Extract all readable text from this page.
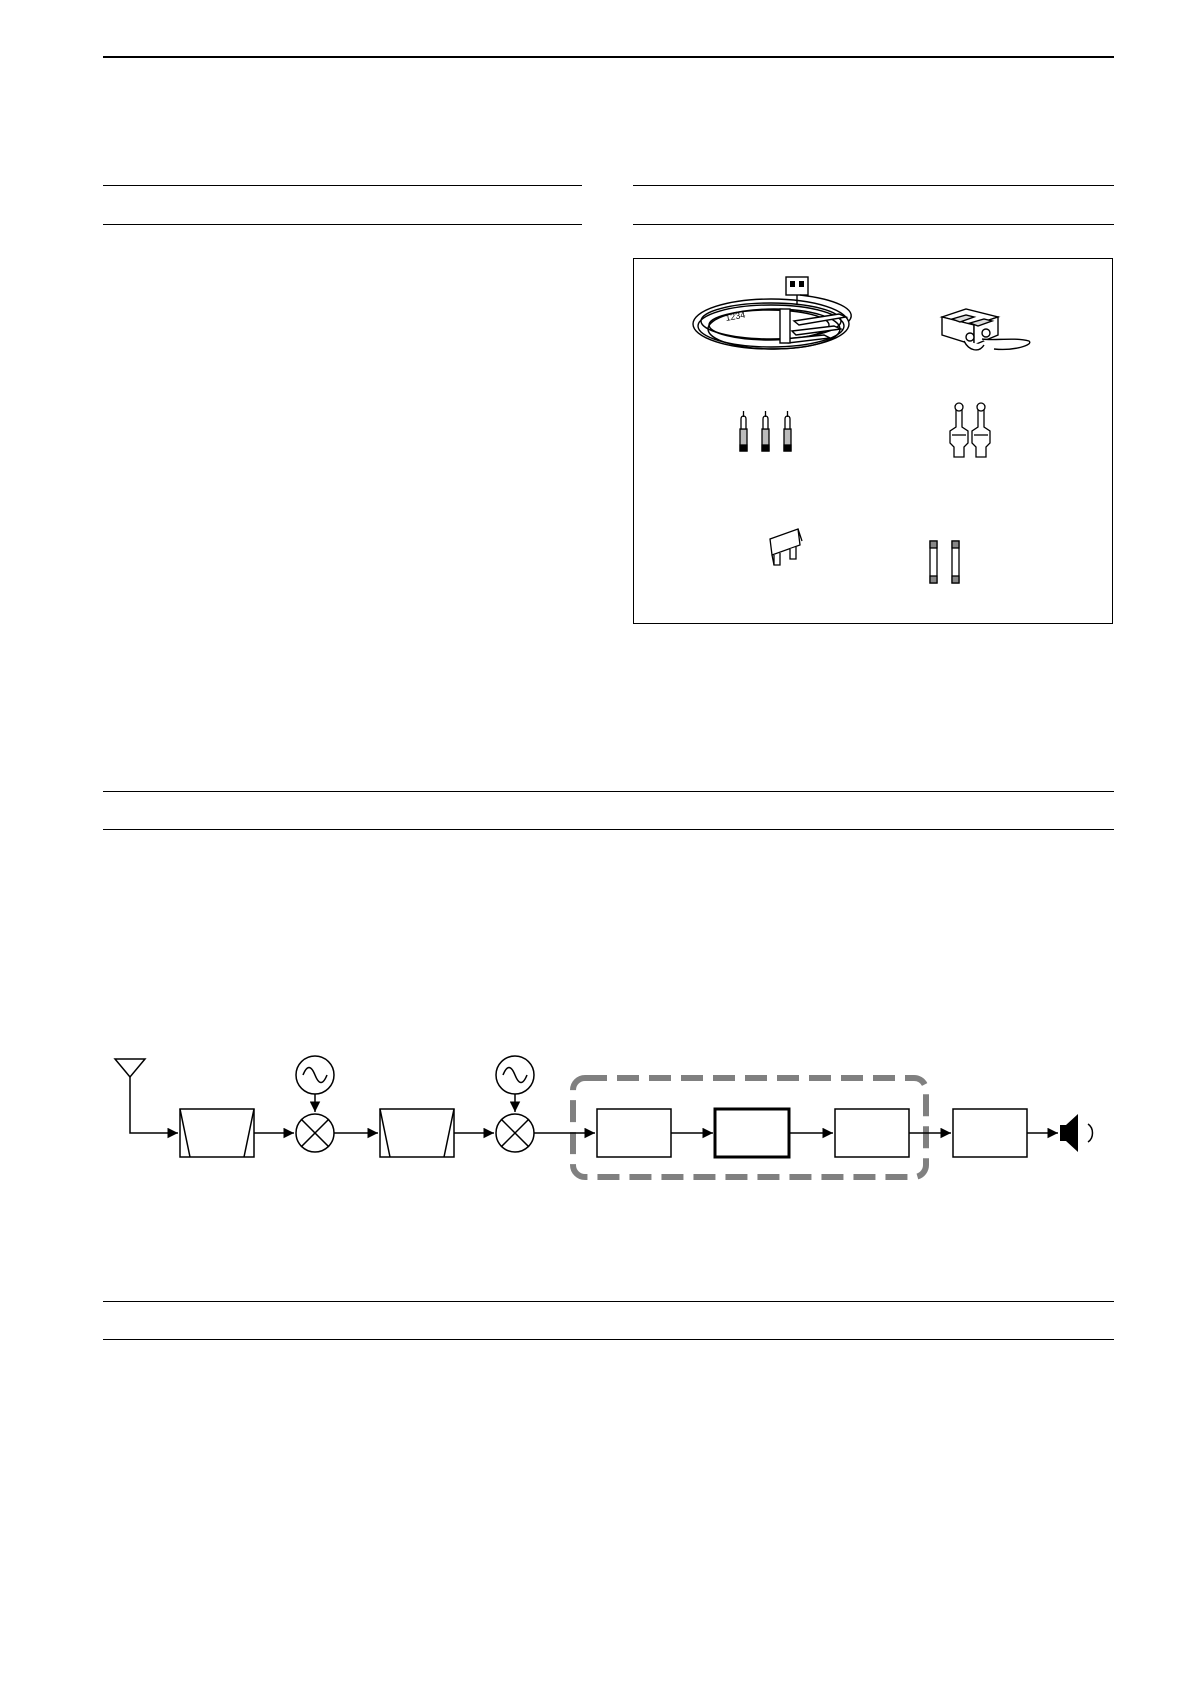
1234
